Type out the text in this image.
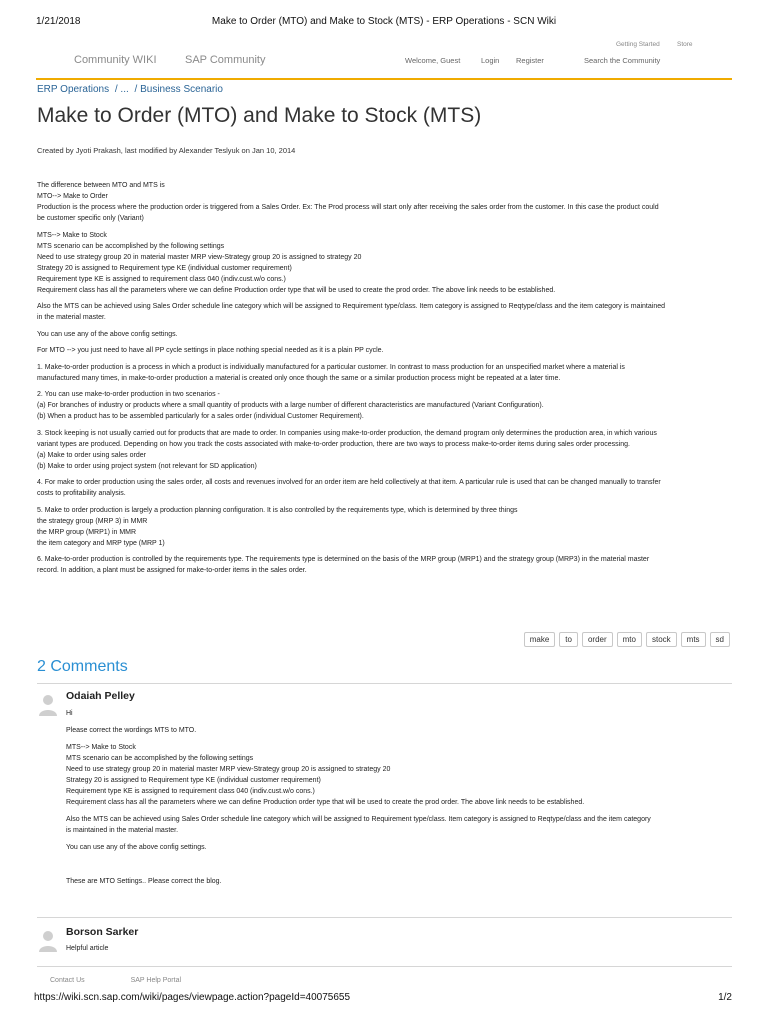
1/21/2018	Make to Order (MTO) and Make to Stock (MTS) - ERP Operations - SCN Wiki
Community WIKI	SAP Community	Welcome, Guest	Login Register	Search the Community
Getting Started	Store
ERP Operations / ... / Business Scenario
Make to Order (MTO) and Make to Stock (MTS)
Created by Jyoti Prakash, last modified by Alexander Teslyuk on Jan 10, 2014

The difference between MTO and MTS is
MTO--> Make to Order
Production is the process where the production order is triggered from a Sales Order. Ex: The Prod process will start only after receiving the sales order from the customer. In this case the product could
be customer specific only (Variant)

MTS--> Make to Stock
MTS scenario can be accomplished by the following settings
Need to use strategy group 20 in material master MRP view-Strategy group 20 is assigned to strategy 20
Strategy 20 is assigned to Requirement type KE (individual customer requirement)
Requirement type KE is assigned to requirement class 040 (indiv.cust.w/o cons.)
Requirement class has all the parameters where we can define Production order type that will be used to create the prod order. The above link needs to be established.

Also the MTS can be achieved using Sales Order schedule line category which will be assigned to Requirement type/class. Item category is assigned to Reqtype/class and the item category is maintained
in the material master.

You can use any of the above config settings.

For MTO --> you just need to have all PP cycle settings in place nothing special needed as it is a plain PP cycle.

1. Make-to-order production is a process in which a product is individually manufactured for a particular customer. In contrast to mass production for an unspecified market where a material is
manufactured many times, in make-to-order production a material is created only once though the same or a similar production process might be repeated at a later time.

2. You can use make-to-order production in two scenarios -
(a) For branches of industry or products where a small quantity of products with a large number of different characteristics are manufactured (Variant Configuration).
(b) When a product has to be assembled particularly for a sales order (individual Customer Requirement).

3. Stock keeping is not usually carried out for products that are made to order. In companies using make-to-order production, the demand program only determines the production area, in which various
variant types are produced. Depending on how you track the costs associated with make-to-order production, there are two ways to process make-to-order items during sales order processing.
(a) Make to order using sales order
(b) Make to order using project system (not relevant for SD application)

4. For make to order production using the sales order, all costs and revenues involved for an order item are held collectively at that item. A particular rule is used that can be changed manually to transfer
costs to profitability analysis.

5. Make to order production is largely a production planning configuration. It is also controlled by the requirements type, which is determined by three things
the strategy group (MRP 3) in MMR
the MRP group (MRP1) in MMR
the item category and MRP type (MRP 1)

6. Make-to-order production is controlled by the requirements type. The requirements type is determined on the basis of the MRP group (MRP1) and the strategy group (MRP3) in the material master
record. In addition, a plant must be assigned for make-to-order items in the sales order.

make	to	order	mto	stock	mts	sd
2 Comments
Odaiah Pelley

Hi

Please correct the wordings MTS to MTO.

MTS--> Make to Stock
MTS scenario can be accomplished by the following settings
Need to use strategy group 20 in material master MRP view-Strategy group 20 is assigned to strategy 20
Strategy 20 is assigned to Requirement type KE (individual customer requirement)
Requirement type KE is assigned to requirement class 040 (indiv.cust.w/o cons.)
Requirement class has all the parameters where we can define Production order type that will be used to create the prod order. The above link needs to be established.

Also the MTS can be achieved using Sales Order schedule line category which will be assigned to Requirement type/class. Item category is assigned to Reqtype/class and the item category
is maintained in the material master.

You can use any of the above config settings.

These are MTO Settings.. Please correct the blog.

Borson Sarker

Helpful article

Contact Us	SAP Help Portal
https://wiki.scn.sap.com/wiki/pages/viewpage.action?pageId=40075655	1/2
